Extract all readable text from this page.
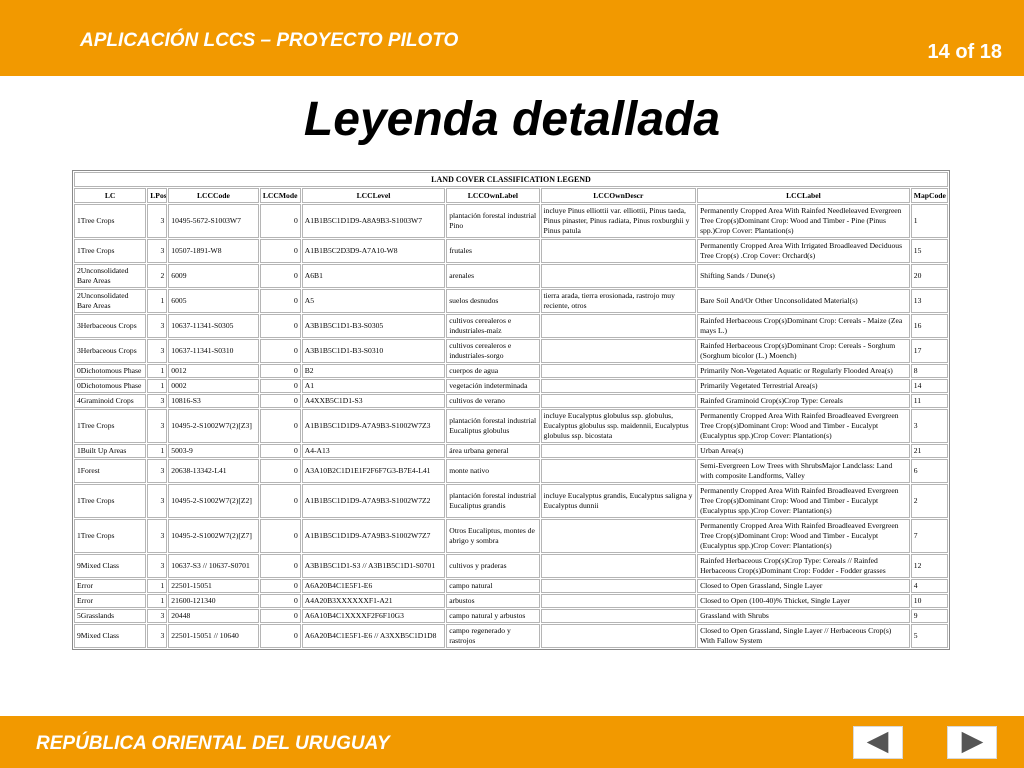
APLICACIÓN LCCS – PROYECTO PILOTO
14 of 18
Leyenda detallada
LAND COVER CLASSIFICATION LEGEND								
LC	LPos	LCCCode	LCCMode	LCCLevel	LCCOwnLabel	LCCOwnDescr	LCCLabel	MapCode
1Tree Crops	3	10495-5672-S1003W7	0	A1B1B5C1D1D9-A8A9B3-S1003W7	plantación forestal industrial Pino	incluye Pinus elliottii var. elliottii, Pinus taeda, Pinus pinaster, Pinus radiata, Pinus roxburghii y Pinus patula	Permanently Cropped Area With Rainfed Needleleaved Evergreen Tree Crop(s)Dominant Crop: Wood and Timber - Pine (Pinus spp.)Crop Cover: Plantation(s)	1
1Tree Crops	3	10507-1891-W8	0	A1B1B5C2D3D9-A7A10-W8	frutales		Permanently Cropped Area With Irrigated Broadleaved Deciduous Tree Crop(s) .Crop Cover: Orchard(s)	15
2Unconsolidated Bare Areas	2	6009	0	A6B1	arenales		Shifting Sands / Dune(s)	20
2Unconsolidated Bare Areas	1	6005	0	A5	suelos desnudos	tierra arada, tierra erosionada, rastrojo muy reciente, otros	Bare Soil And/Or Other Unconsolidated Material(s)	13
3Herbaceous Crops	3	10637-11341-S0305	0	A3B1B5C1D1-B3-S0305	cultivos cerealeros e industriales-maíz		Rainfed Herbaceous Crop(s)Dominant Crop: Cereals - Maize (Zea mays L.)	16
3Herbaceous Crops	3	10637-11341-S0310	0	A3B1B5C1D1-B3-S0310	cultivos cerealeros e industriales-sorgo		Rainfed Herbaceous Crop(s)Dominant Crop: Cereals - Sorghum (Sorghum bicolor (L.) Moench)	17
0Dichotomous Phase	1	0012	0	B2	cuerpos de agua		Primarily Non-Vegetated Aquatic or Regularly Flooded Area(s)	8
0Dichotomous Phase	1	0002	0	A1	vegetación indeterminada		Primarily Vegetated Terrestrial Area(s)	14
4Graminoid Crops	3	10816-S3	0	A4XXB5C1D1-S3	cultivos de verano		Rainfed Graminoid Crop(s)Crop Type: Cereals	11
1Tree Crops	3	10495-2-S1002W7(2)[Z3]	0	A1B1B5C1D1D9-A7A9B3-S1002W7Z3	plantación forestal industrial Eucaliptus globulus	incluye Eucalyptus globulus ssp. globulus, Eucalyptus globulus ssp. maidennii, Eucalyptus globulus ssp. bicostata	Permanently Cropped Area With Rainfed Broadleaved Evergreen Tree Crop(s)Dominant Crop: Wood and Timber - Eucalypt (Eucalyptus spp.)Crop Cover: Plantation(s)	3
1Built Up Areas	1	5003-9	0	A4-A13	área urbana general		Urban Area(s)	21
1Forest	3	20638-13342-L41	0	A3A10B2C1D1E1F2F6F7G3-B7E4-L41	monte nativo		Semi-Evergreen Low Trees with ShrubsMajor Landclass: Land with composite Landforms, Valley	6
1Tree Crops	3	10495-2-S1002W7(2)[Z2]	0	A1B1B5C1D1D9-A7A9B3-S1002W7Z2	plantación forestal industrial Eucaliptus grandis	incluye Eucalyptus grandis, Eucalyptus saligna y Eucalyptus dunnii	Permanently Cropped Area With Rainfed Broadleaved Evergreen Tree Crop(s)Dominant Crop: Wood and Timber - Eucalypt (Eucalyptus spp.)Crop Cover: Plantation(s)	2
1Tree Crops	3	10495-2-S1002W7(2)[Z7]	0	A1B1B5C1D1D9-A7A9B3-S1002W7Z7	Otros Eucaliptus, montes de abrigo y sombra		Permanently Cropped Area With Rainfed Broadleaved Evergreen Tree Crop(s)Dominant Crop: Wood and Timber - Eucalypt (Eucalyptus spp.)Crop Cover: Plantation(s)	7
9Mixed Class	3	10637-S3 // 10637-S0701	0	A3B1B5C1D1-S3 // A3B1B5C1D1-S0701	cultivos y praderas		Rainfed Herbaceous Crop(s)Crop Type: Cereals // Rainfed Herbaceous Crop(s)Dominant Crop: Fodder - Fodder grasses	12
Error	1	22501-15051	0	A6A20B4C1E5F1-E6	campo natural		Closed to Open Grassland, Single Layer	4
Error	1	21600-121340	0	A4A20B3XXXXXXF1-A21	arbustos		Closed to Open (100-40)% Thicket, Single Layer	10
5Grasslands	3	20448	0	A6A10B4C1XXXXF2F6F10G3	campo natural y arbustos		Grassland with Shrubs	9
9Mixed Class	3	22501-15051 // 10640	0	A6A20B4C1E5F1-E6 // A3XXB5C1D1D8	campo regenerado y rastrojos		Closed to Open Grassland, Single Layer // Herbaceous Crop(s) With Fallow System	5
REPÚBLICA ORIENTAL DEL URUGUAY
